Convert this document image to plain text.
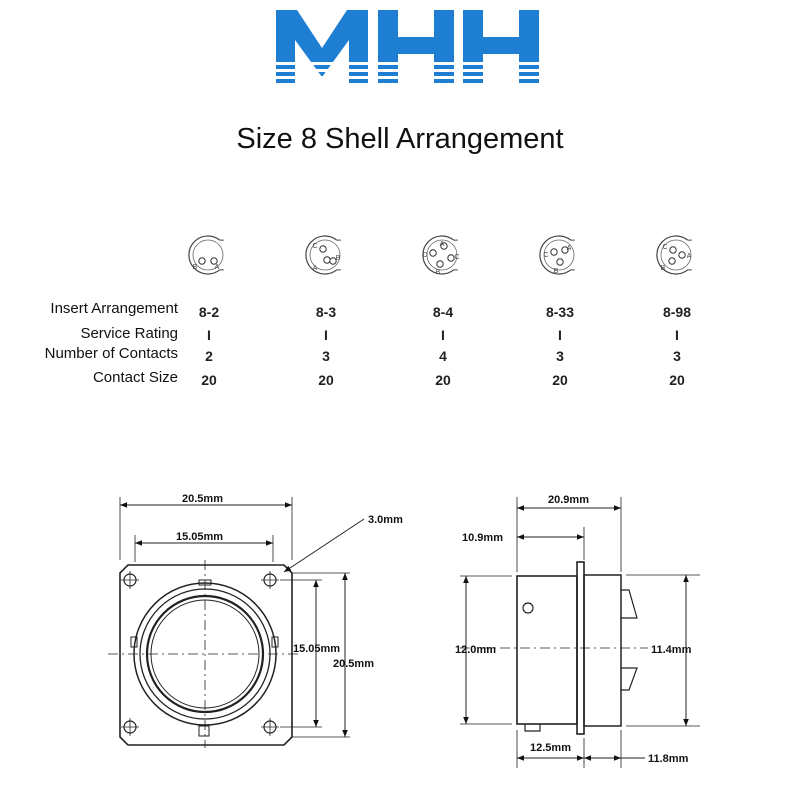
Size 8 Shell Arrangement
B A
C
A
B	D
A
C
B
C
A
B
C
A
B
Insert Arrangement
Service Rating
Number of Contacts
Contact Size
8-2
I
2
20
8-3
I
3
20
8-4
I
4
20
8-33
I
3
20
8-98
I
3
20
20.5mm
15.05mm
3.0mm
15.05mm
20.5mm
20.9mm
10.9mm
12.0mm	11.4mm
12.5mm
11.8mm
